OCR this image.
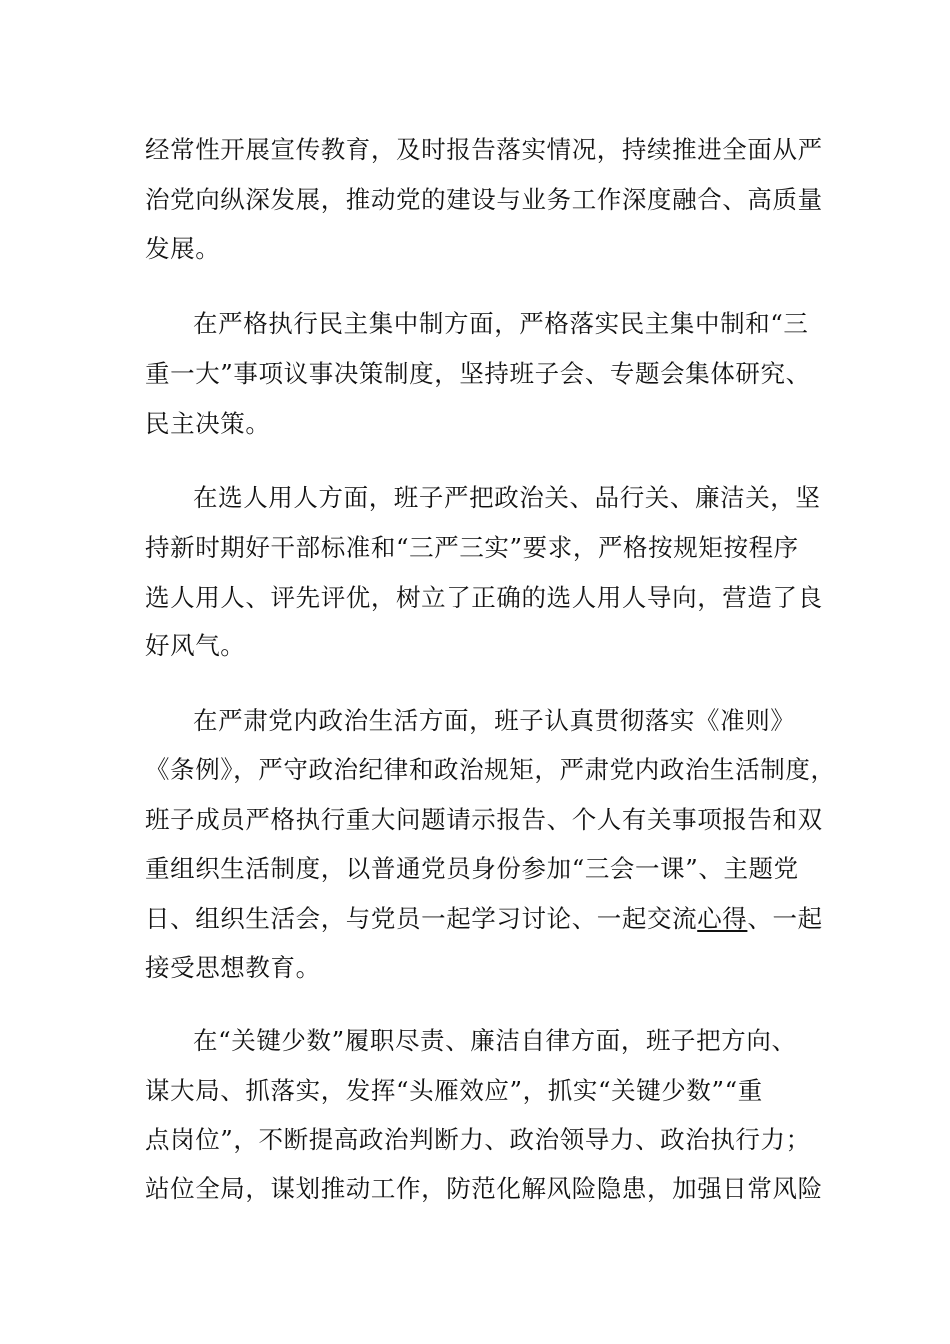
经常性开展宣传教育，及时报告落实情况，持续推进全面从严
治党向纵深发展，推动党的建设与业务工作深度融合、高质量
发展。
在严格执行民主集中制方面，严格落实民主集中制和“三
重一大”事项议事决策制度，坚持班子会、专题会集体研究、
民主决策。
在选人用人方面，班子严把政治关、品行关、廉洁关，坚
持新时期好干部标准和“三严三实”要求，严格按规矩按程序
选人用人、评先评优，树立了正确的选人用人导向，营造了良
好风气。
在严肃党内政治生活方面，班子认真贯彻落实《准则》
《条例》，严守政治纪律和政治规矩，严肃党内政治生活制度，
班子成员严格执行重大问题请示报告、个人有关事项报告和双
重组织生活制度，以普通党员身份参加“三会一课”、主题党
日、组织生活会，与党员一起学习讨论、一起交流心得、一起
接受思想教育。
在“关键少数”履职尽责、廉洁自律方面，班子把方向、
谋大局、抓落实，发挥“头雁效应”，抓实“关键少数”“重
点岗位”，不断提高政治判断力、政治领导力、政治执行力；
站位全局，谋划推动工作，防范化解风险隐患，加强日常风险
